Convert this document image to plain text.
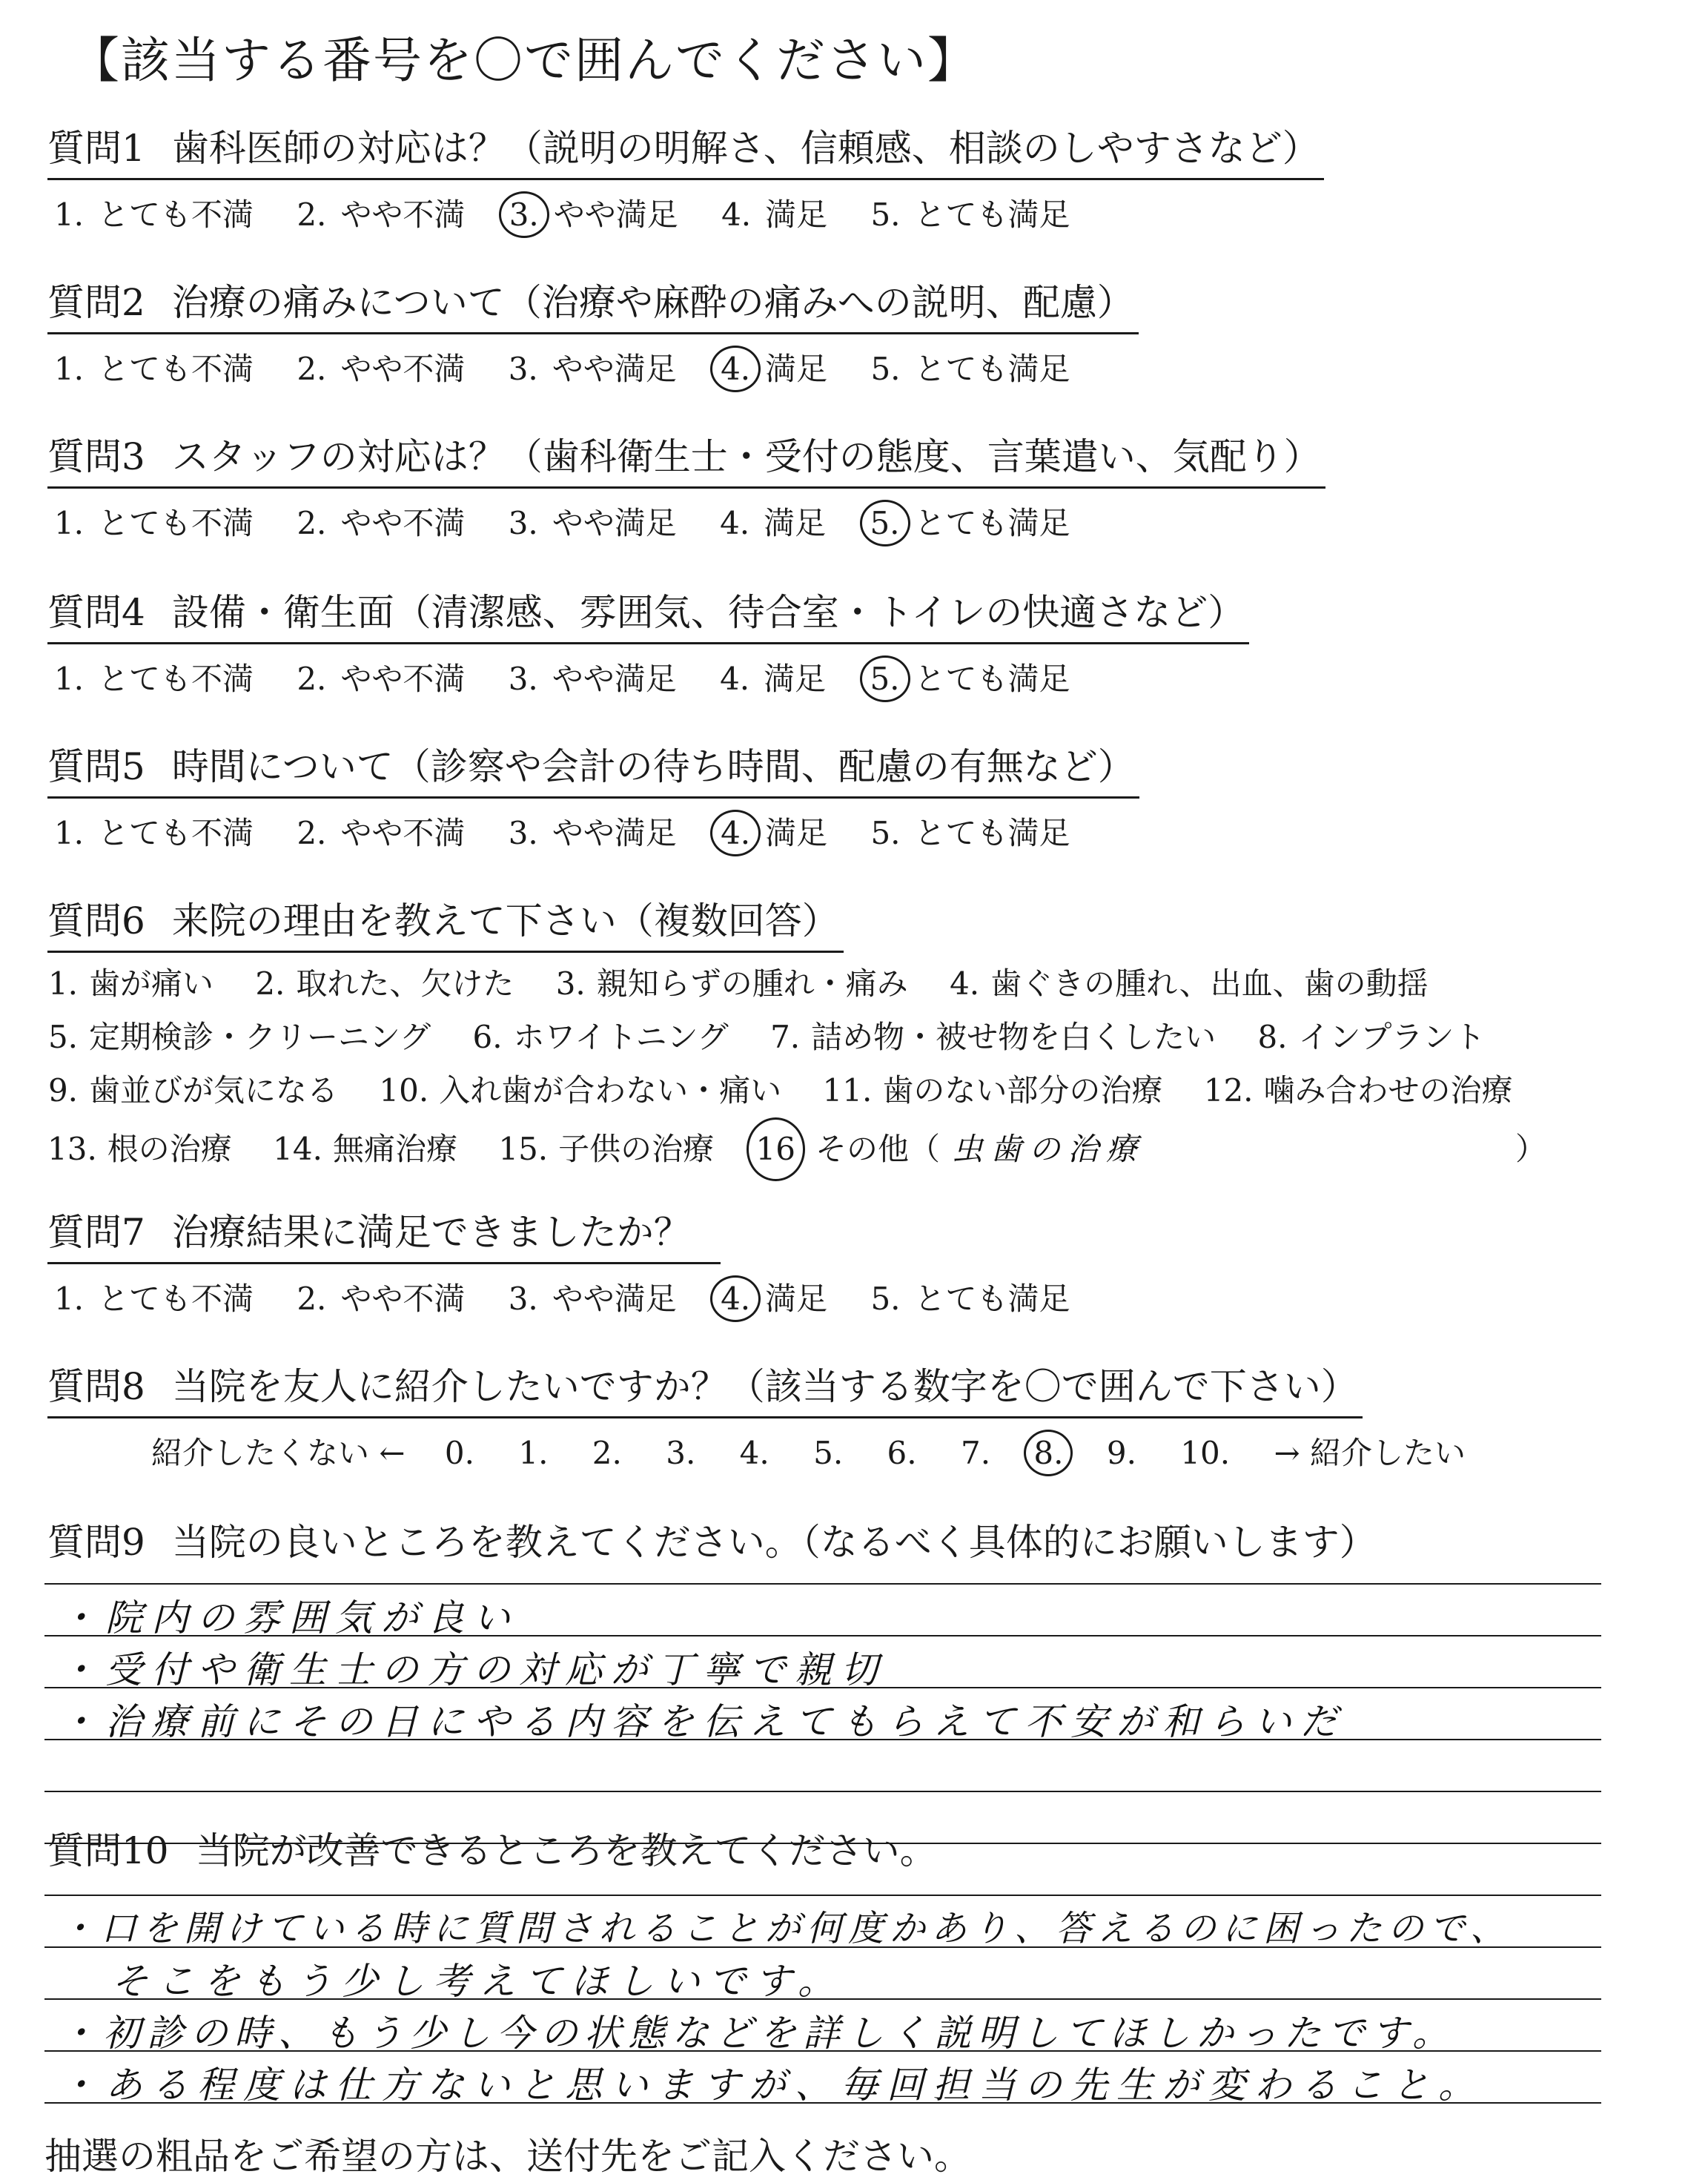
【該当する番号を〇で囲んでください】
質問1 歯科医師の対応は？（説明の明解さ、信頼感、相談のしやすさなど）
1. とても不満 2. やや不満 3. やや満足 4. 満足 5. とても満足
質問2 治療の痛みについて（治療や麻酔の痛みへの説明、配慮）
1. とても不満 2. やや不満 3. やや満足 4. 満足 5. とても満足
質問3 スタッフの対応は？（歯科衛生士・受付の態度、言葉遣い、気配り）
1. とても不満 2. やや不満 3. やや満足 4. 満足 5. とても満足
質問4 設備・衛生面（清潔感、雰囲気、待合室・トイレの快適さなど）
1. とても不満 2. やや不満 3. やや満足 4. 満足 5. とても満足
質問5 時間について（診察や会計の待ち時間、配慮の有無など）
1. とても不満 2. やや不満 3. やや満足 4. 満足 5. とても満足
質問6 来院の理由を教えて下さい（複数回答）
1. 歯が痛い 2. 取れた、欠けた 3. 親知らずの腫れ・痛み 4. 歯ぐきの腫れ、出血、歯の動揺
5. 定期検診・クリーニング 6. ホワイトニング 7. 詰め物・被せ物を白くしたい 8. インプラント
9. 歯並びが気になる 10. 入れ歯が合わない・痛い 11. 歯のない部分の治療 12. 噛み合わせの治療
13. 根の治療 14. 無痛治療 15. 子供の治療 16 その他（ 虫歯の治療	）
質問7 治療結果に満足できましたか？
1. とても不満 2. やや不満 3. やや満足 4. 満足 5. とても満足
質問8 当院を友人に紹介したいですか？（該当する数字を〇で囲んで下さい）
紹介したくない ← 0. 1. 2. 3. 4. 5. 6. 7. 8. 9. 10. → 紹介したい
質問9 当院の良いところを教えてください。（なるべく具体的にお願いします）
・院内の雰囲気が良い
・受付や衛生士の方の対応が丁寧で親切
・治療前にその日にやる内容を伝えてもらえて不安が和らいだ
質問10 当院が改善できるところを教えてください。
・口を開けている時に質問されることが何度かあり、答えるのに困ったので、
そこをもう少し考えてほしいです。
・初診の時、もう少し今の状態などを詳しく説明してほしかったです。
・ある程度は仕方ないと思いますが、毎回担当の先生が変わること。
抽選の粗品をご希望の方は、送付先をご記入ください。
